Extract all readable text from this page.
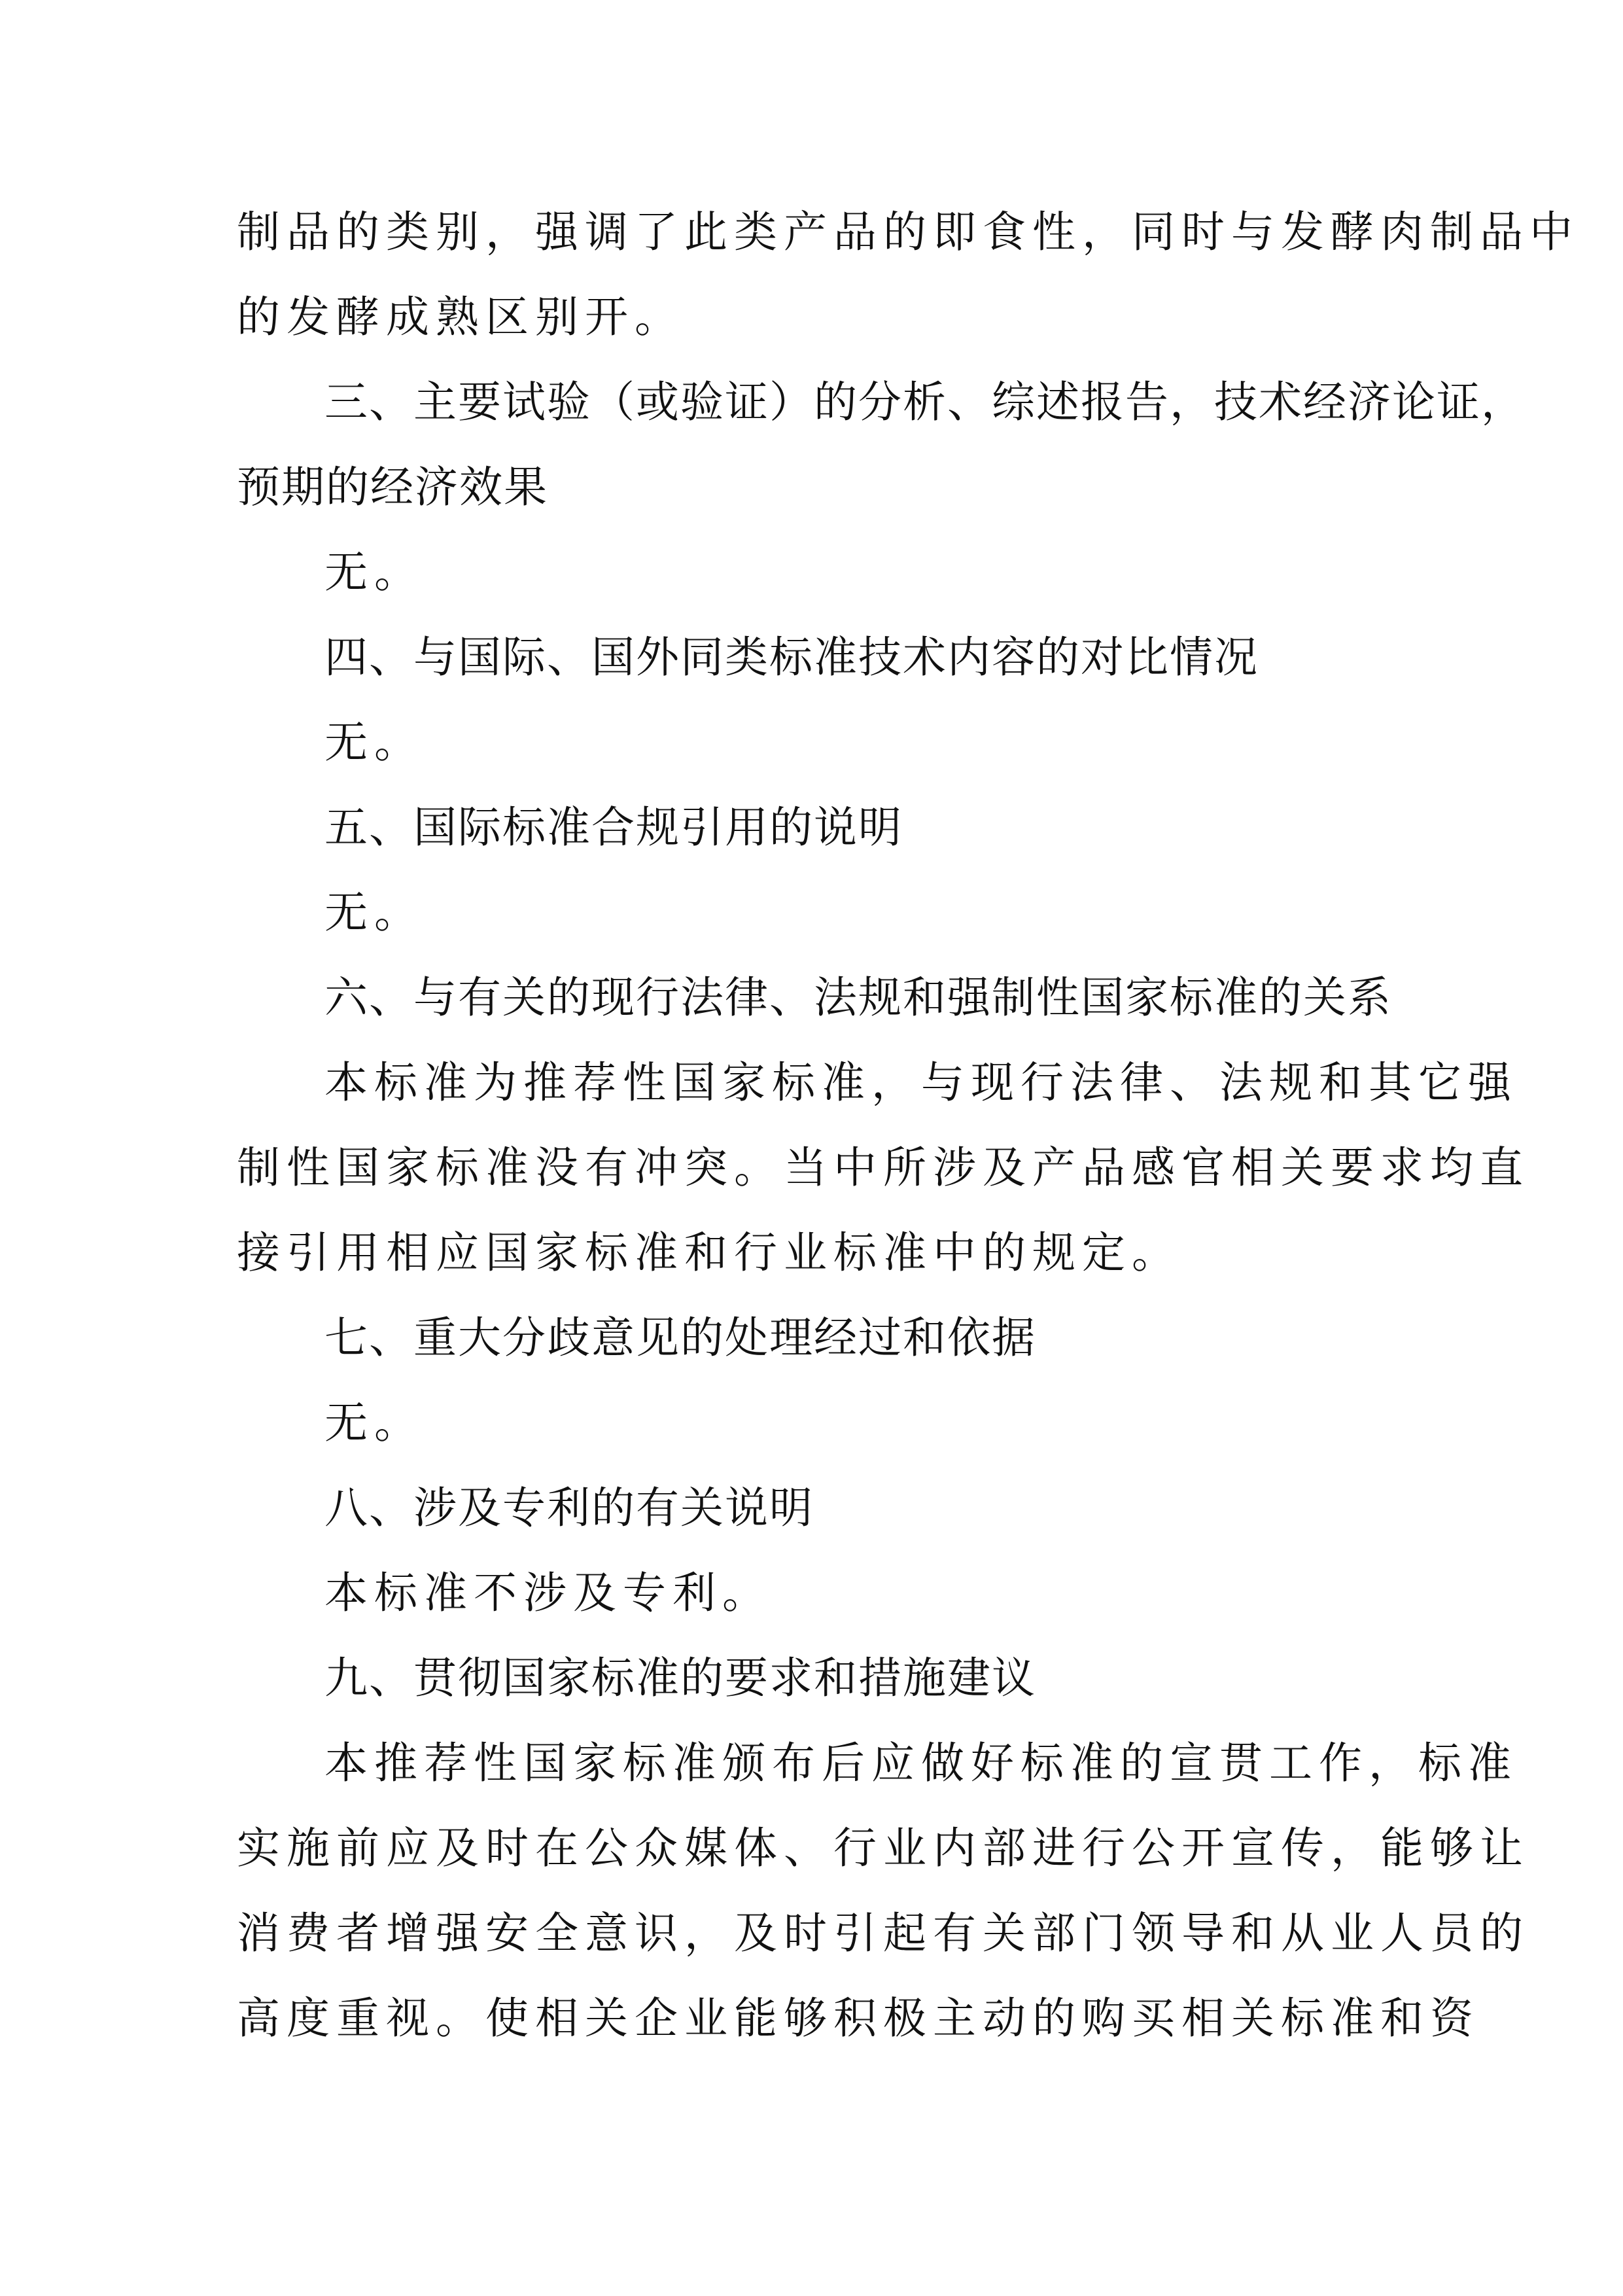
制品的类别，强调了此类产品的即食性，同时与发酵肉制品中
的发酵成熟区别开。
三、主要试验（或验证）的分析、综述报告，技术经济论证，
预期的经济效果
无。
四、与国际、国外同类标准技术内容的对比情况
无。
五、国际标准合规引用的说明
无。
六、与有关的现行法律、法规和强制性国家标准的关系
本标准为推荐性国家标准，与现行法律、法规和其它强
制性国家标准没有冲突。当中所涉及产品感官相关要求均直
接引用相应国家标准和行业标准中的规定。
七、重大分歧意见的处理经过和依据
无。
八、涉及专利的有关说明
本标准不涉及专利。
九、贯彻国家标准的要求和措施建议
本推荐性国家标准颁布后应做好标准的宣贯工作，标准
实施前应及时在公众媒体、行业内部进行公开宣传，能够让
消费者增强安全意识，及时引起有关部门领导和从业人员的
高度重视。使相关企业能够积极主动的购买相关标准和资
